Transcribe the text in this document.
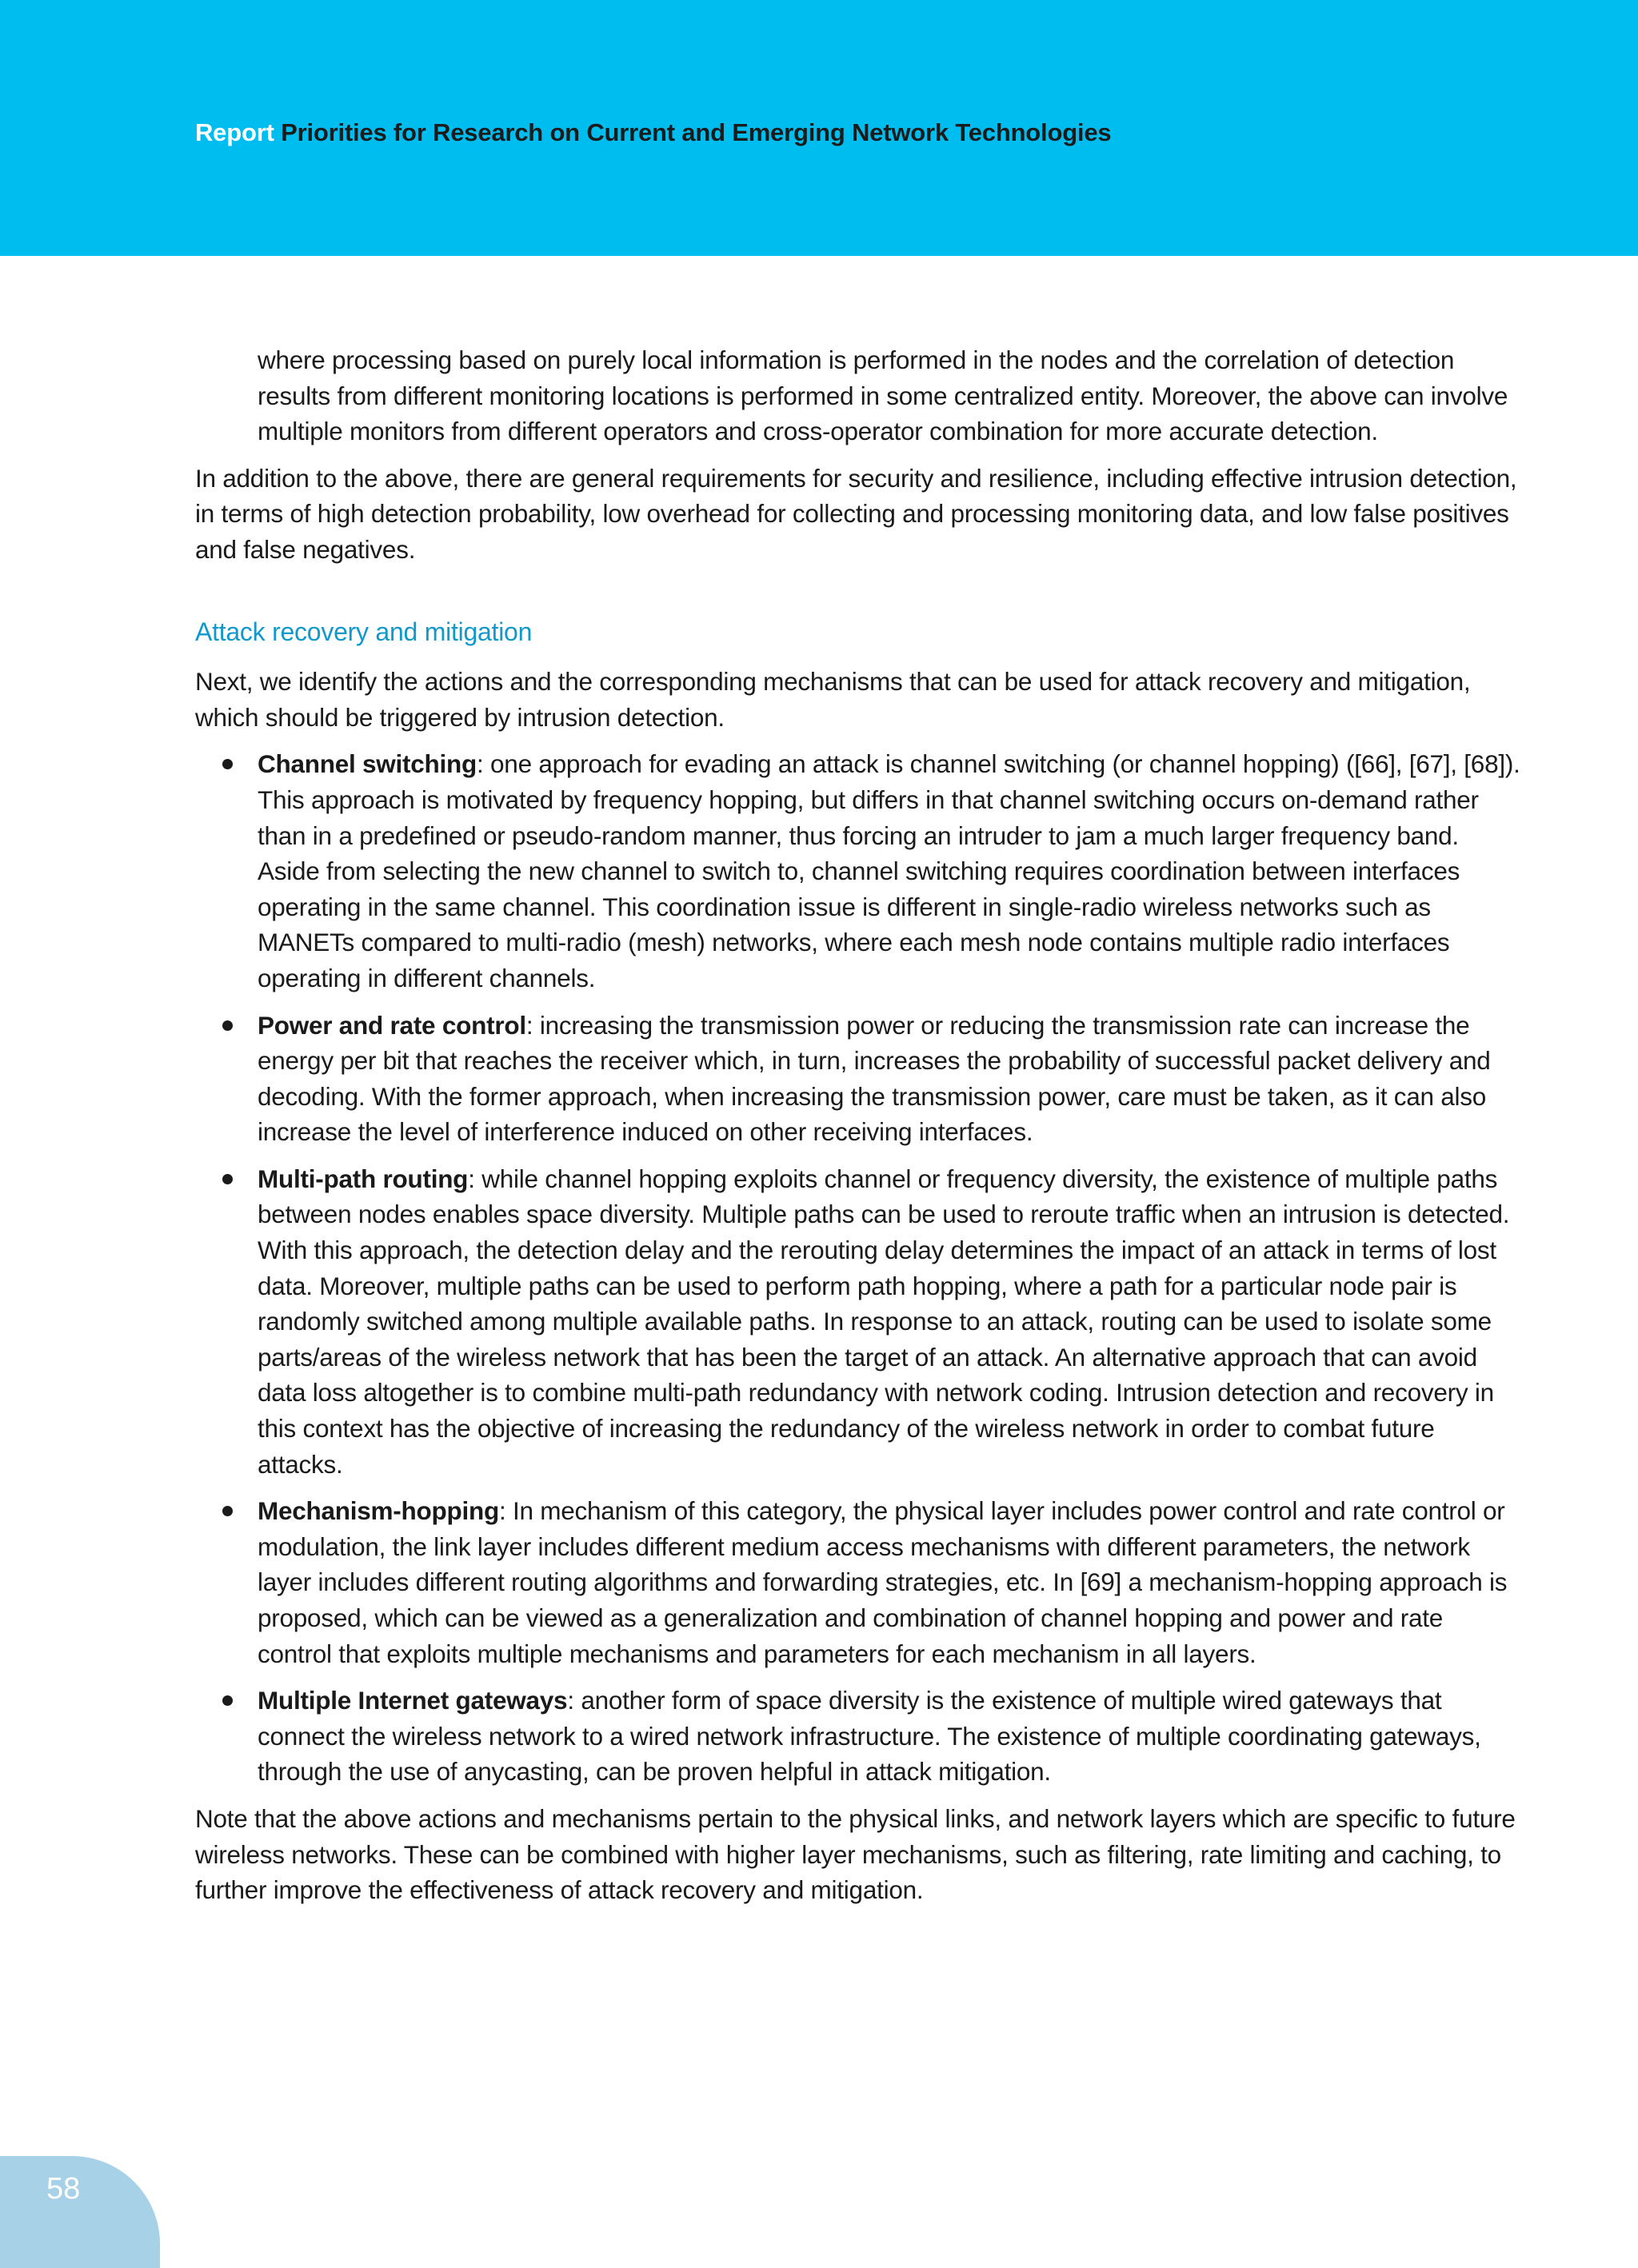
Report Priorities for Research on Current and Emerging Network Technologies

where processing based on purely local information is performed in the nodes and the correlation of detection results from different monitoring locations is performed in some centralized entity. Moreover, the above can involve multiple monitors from different operators and cross-operator combination for more accurate detection.

In addition to the above, there are general requirements for security and resilience, including effective intrusion detection, in terms of high detection probability, low overhead for collecting and processing monitoring data, and low false positives and false negatives.

Attack recovery and mitigation

Next, we identify the actions and the corresponding mechanisms that can be used for attack recovery and mitigation, which should be triggered by intrusion detection.

Channel switching: one approach for evading an attack is channel switching (or channel hopping) ([66], [67], [68]). This approach is motivated by frequency hopping, but differs in that channel switching occurs on-demand rather than in a predefined or pseudo-random manner, thus forcing an intruder to jam a much larger frequency band. Aside from selecting the new channel to switch to, channel switching requires coordination between interfaces operating in the same channel. This coordination issue is different in single-radio wireless networks such as MANETs compared to multi-radio (mesh) networks, where each mesh node contains multiple radio interfaces operating in different channels.
Power and rate control: increasing the transmission power or reducing the transmission rate can increase the energy per bit that reaches the receiver which, in turn, increases the probability of successful packet delivery and decoding. With the former approach, when increasing the transmission power, care must be taken, as it can also increase the level of interference induced on other receiving interfaces.
Multi-path routing: while channel hopping exploits channel or frequency diversity, the existence of multiple paths between nodes enables space diversity. Multiple paths can be used to reroute traffic when an intrusion is detected. With this approach, the detection delay and the rerouting delay determines the impact of an attack in terms of lost data. Moreover, multiple paths can be used to perform path hopping, where a path for a particular node pair is randomly switched among multiple available paths. In response to an attack, routing can be used to isolate some parts/areas of the wireless network that has been the target of an attack. An alternative approach that can avoid data loss altogether is to combine multi-path redundancy with network coding. Intrusion detection and recovery in this context has the objective of increasing the redundancy of the wireless network in order to combat future attacks.
Mechanism-hopping: In mechanism of this category, the physical layer includes power control and rate control or modulation, the link layer includes different medium access mechanisms with different parameters, the network layer includes different routing algorithms and forwarding strategies, etc. In [69] a mechanism-hopping approach is proposed, which can be viewed as a generalization and combination of channel hopping and power and rate control that exploits multiple mechanisms and parameters for each mechanism in all layers.
Multiple Internet gateways: another form of space diversity is the existence of multiple wired gateways that connect the wireless network to a wired network infrastructure. The existence of multiple coordinating gateways, through the use of anycasting, can be proven helpful in attack mitigation.

Note that the above actions and mechanisms pertain to the physical links, and network layers which are specific to future wireless networks. These can be combined with higher layer mechanisms, such as filtering, rate limiting and caching, to further improve the effectiveness of attack recovery and mitigation.

58
